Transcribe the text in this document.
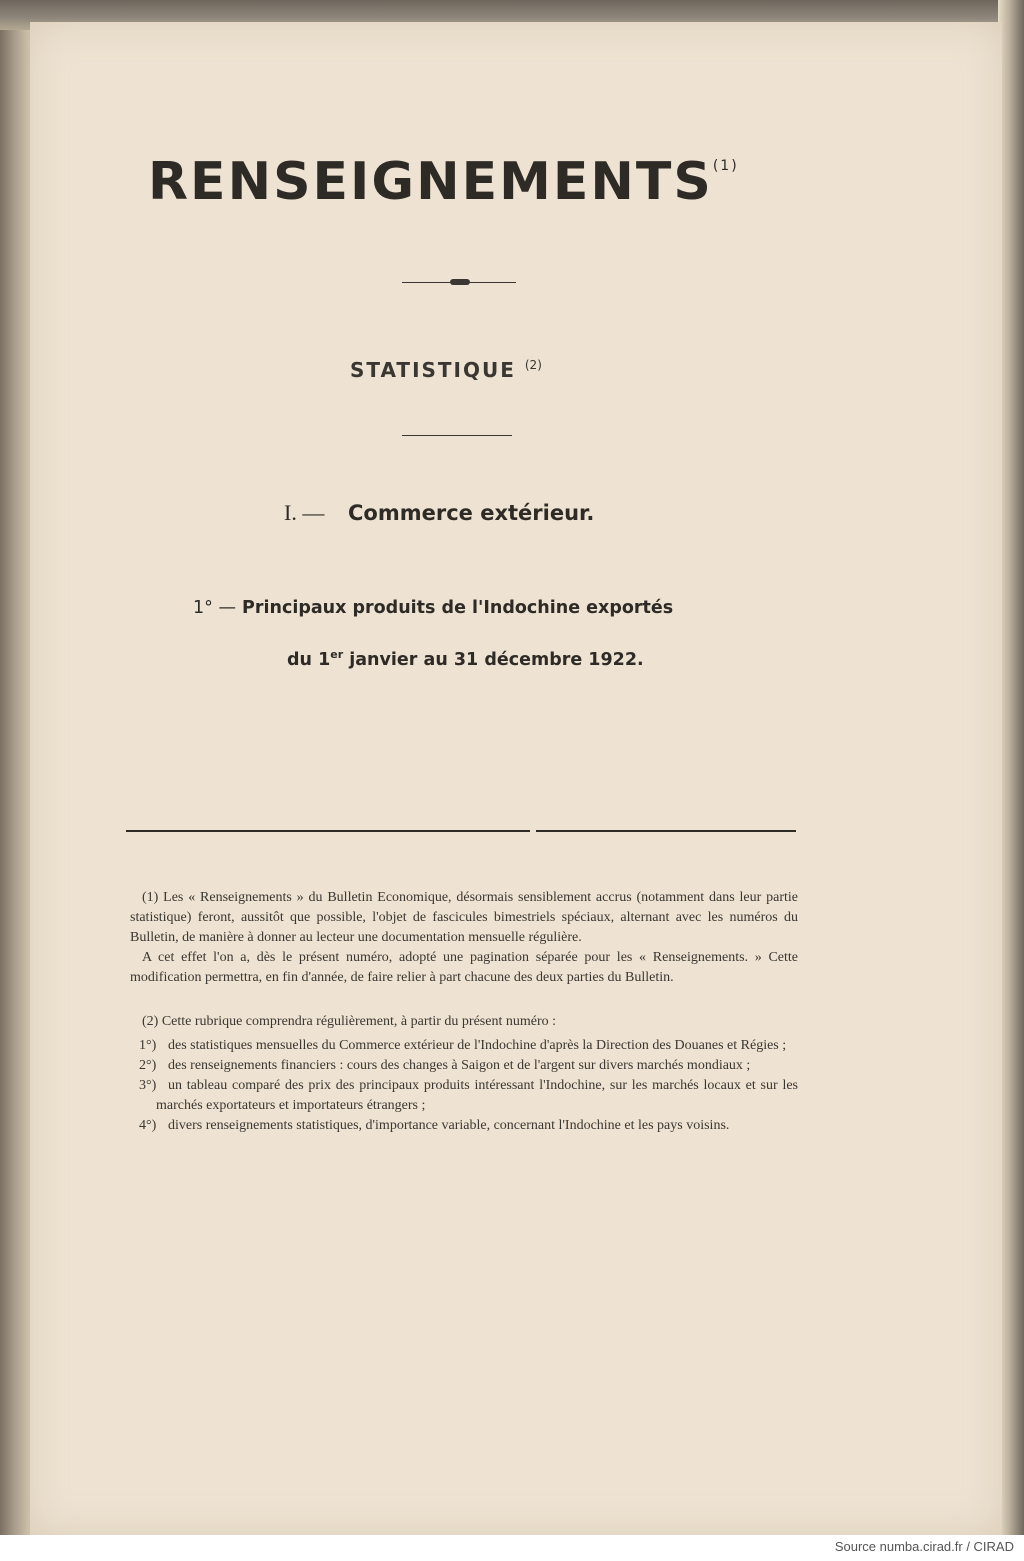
RENSEIGNEMENTS$^{(1)}$
STATISTIQUE $^{(2)}$
I. — Commerce extérieur.
1° — Principaux produits de l'Indochine exportés
du 1er janvier au 31 décembre 1922.

(1) Les « Renseignements » du Bulletin Economique, désormais sensiblement accrus (notamment dans leur partie statistique) feront, aussitôt que possible, l'objet de fascicules bimestriels spéciaux, alternant avec les numéros du Bulletin, de manière à donner au lecteur une documentation mensuelle régulière.

A cet effet l'on a, dès le présent numéro, adopté une pagination séparée pour les « Renseignements. » Cette modification permettra, en fin d'année, de faire relier à part chacune des deux parties du Bulletin.

(2) Cette rubrique comprendra régulièrement, à partir du présent numéro :

1°) des statistiques mensuelles du Commerce extérieur de l'Indochine d'après la Direction des Douanes et Régies ;

2°) des renseignements financiers : cours des changes à Saigon et de l'argent sur divers marchés mondiaux ;

3°) un tableau comparé des prix des principaux produits intéressant l'Indochine, sur les marchés locaux et sur les marchés exportateurs et importateurs étrangers ;

4°) divers renseignements statistiques, d'importance variable, concernant l'Indochine et les pays voisins.

Source numba.cirad.fr / CIRAD
